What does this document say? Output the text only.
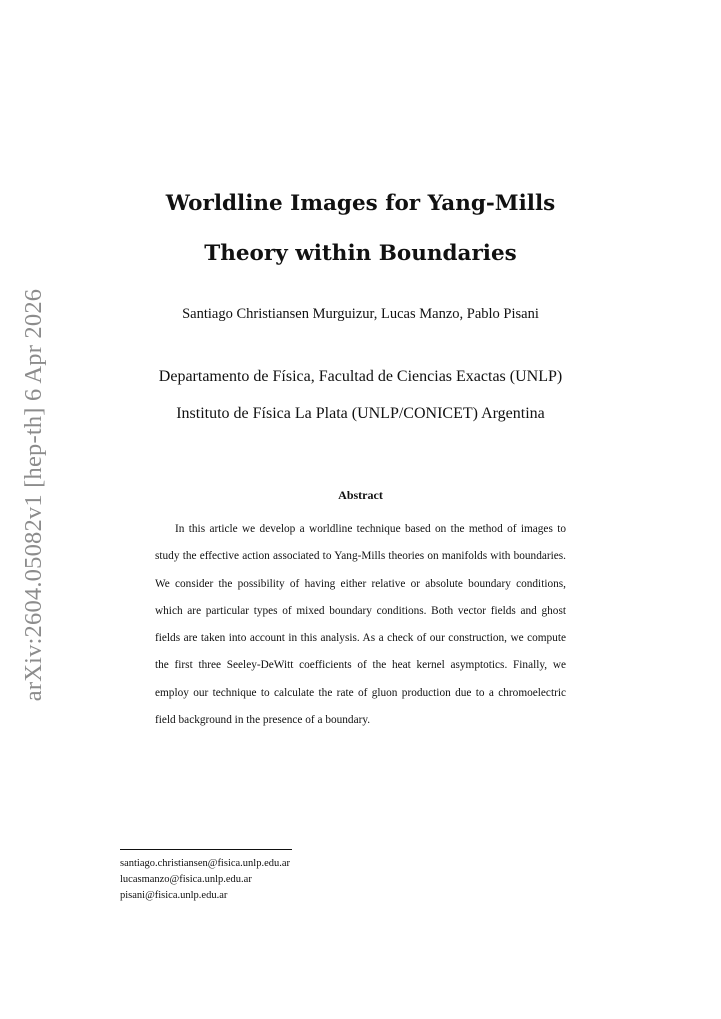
arXiv:2604.05082v1 [hep-th] 6 Apr 2026
Worldline Images for Yang-Mills
Theory within Boundaries

Santiago Christiansen Murguizur, Lucas Manzo, Pablo Pisani

Departamento de Física, Facultad de Ciencias Exactas (UNLP)

Instituto de Física La Plata (UNLP/CONICET) Argentina

Abstract

In this article we develop a worldline technique based on the method of images to study the effective action associated to Yang-Mills theories on manifolds with boundaries. We consider the possibility of having either relative or absolute boundary conditions, which are particular types of mixed boundary conditions. Both vector fields and ghost fields are taken into account in this analysis. As a check of our construction, we compute the first three Seeley-DeWitt coefficients of the heat kernel asymptotics. Finally, we employ our technique to calculate the rate of gluon production due to a chromoelectric field background in the presence of a boundary.

santiago.christiansen@fisica.unlp.edu.ar
lucasmanzo@fisica.unlp.edu.ar
pisani@fisica.unlp.edu.ar
